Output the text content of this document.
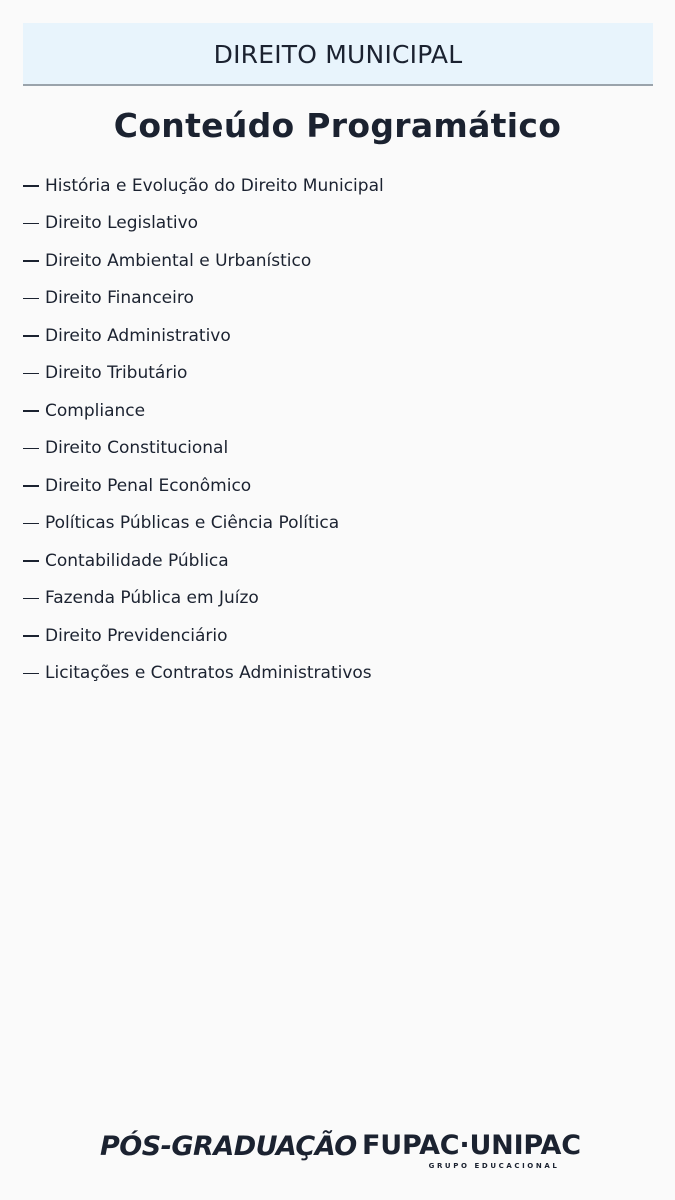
DIREITO MUNICIPAL
Conteúdo Programático
História e Evolução do Direito Municipal
Direito Legislativo
Direito Ambiental e Urbanístico
Direito Financeiro
Direito Administrativo
Direito Tributário
Compliance
Direito Constitucional
Direito Penal Econômico
Políticas Públicas e Ciência Política
Contabilidade Pública
Fazenda Pública em Juízo
Direito Previdenciário
Licitações e Contratos Administrativos
PÓS-GRADUAÇÃO FUPAC·UNIPAC
GRUPO EDUCACIONAL
